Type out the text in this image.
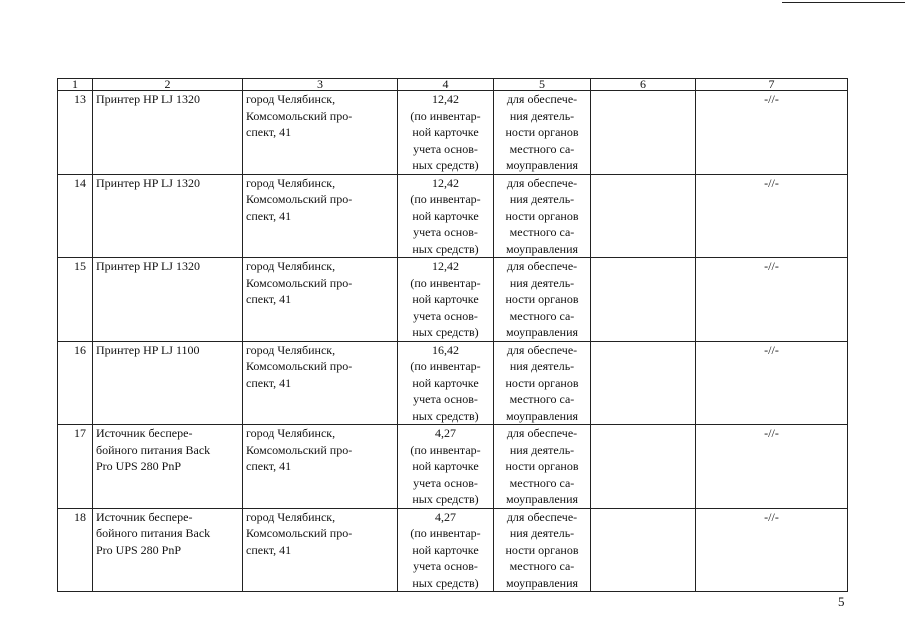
1	2	3	4	5	6	7
13	Принтер HP LJ 1320	город Челябинск,
Комсомольский про-
спект, 41	12,42
(по инвентар-
ной карточке
учета основ-
ных средств)	для обеспече-
ния деятель-
ности органов
местного са-
моуправления		-//-
14	Принтер HP LJ 1320	город Челябинск,
Комсомольский про-
спект, 41	12,42
(по инвентар-
ной карточке
учета основ-
ных средств)	для обеспече-
ния деятель-
ности органов
местного са-
моуправления		-//-
15	Принтер HP LJ 1320	город Челябинск,
Комсомольский про-
спект, 41	12,42
(по инвентар-
ной карточке
учета основ-
ных средств)	для обеспече-
ния деятель-
ности органов
местного са-
моуправления		-//-
16	Принтер HP LJ 1100	город Челябинск,
Комсомольский про-
спект, 41	16,42
(по инвентар-
ной карточке
учета основ-
ных средств)	для обеспече-
ния деятель-
ности органов
местного са-
моуправления		-//-
17	Источник беспере-
бойного питания Back
Pro UPS 280 PnP	город Челябинск,
Комсомольский про-
спект, 41	4,27
(по инвентар-
ной карточке
учета основ-
ных средств)	для обеспече-
ния деятель-
ности органов
местного са-
моуправления		-//-
18	Источник беспере-
бойного питания Back
Pro UPS 280 PnP	город Челябинск,
Комсомольский про-
спект, 41	4,27
(по инвентар-
ной карточке
учета основ-
ных средств)	для обеспече-
ния деятель-
ности органов
местного са-
моуправления		-//-
5
